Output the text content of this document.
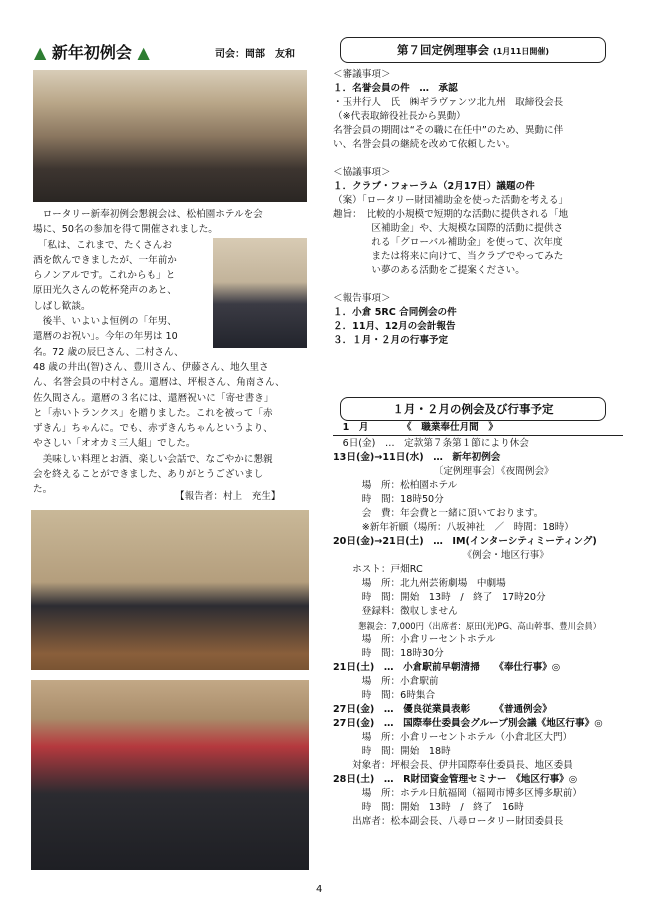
▲ 新年初例会 ▲	司会：岡部　友和
　ロータリー新奉初例会懇親会は、松柏園ホテルを会
場に、50名の参加を得て開催されました。
　「私は、これまで、たくさんお
酒を飲んできましたが、一年前か
らノンアルです。これからも」と
原田光久さんの乾杯発声のあと、
しばし歓談。
　後半、いよいよ恒例の「年男、
還暦のお祝い」。今年の年男は 10
名。72 歳の辰巳さん、二村さん、
48 歳の井出(智)さん、豊川さん、伊藤さん、地久里さ
ん、名誉会員の中村さん。還暦は、坪根さん、角南さん、
佐久間さん。還暦の３名には、還暦祝いに「寄せ書き」
と「赤いトランクス」を贈りました。これを被って「赤
ずきん」ちゃんに。でも、赤ずきんちゃんというより、
やさしい「オオカミ三人組」でした。
　美味しい料理とお酒、楽しい会話で、なごやかに懇親
会を終えることができました、ありがとうございまし
た。
【報告者：村上　充生】
第７回定例理事会 (1月11日開催)
＜審議事項＞
１．名誉会員の件　…　承認
・玉井行人　氏　㈱ギラヴァンツ北九州　取締役会長
（※代表取締役社長から異動）
名誉会員の期間は“その職に在任中”のため、異動に伴
い、名誉会員の継続を改めて依頼したい。
＜協議事項＞
１．クラブ・フォーラム（2月17日）議題の件
（案）「ロータリー財団補助金を使った活動を考える」
趣旨：　比較的小規模で短期的な活動に提供される「地
　　　　区補助金」や、大規模な国際的活動に提供さ
　　　　れる「グローバル補助金」を使って、次年度
　　　　または将来に向けて、当クラブでやってみた
　　　　い夢のある活動をご提案ください。
＜報告事項＞
１．小倉 5RC 合同例会の件
２．11月、12月の会計報告
３．１月・２月の行事予定
１月・２月の例会及び行事予定
　1　月　　　　《　職業奉仕月間　》
　6日(金)　…　定款第７条第１節により休会
13日(金)→11日(水)　…　新年初例会
　　　　　　　　　　　〔定例理事会〕《夜間例会》
　　　場　所：松柏園ホテル
　　　時　間：18時50分
　　　会　費：年会費と一緒に頂いております。
　　　※新年祈願（場所：八坂神社　／　時間：18時）
20日(金)→21日(土)　…　IM(インターシティミーティング)
　　　　　　　　　　　　　　《例会・地区行事》
　　ホスト：戸畑RC
　　　場　所：北九州芸術劇場　中劇場
　　　時　間：開始　13時　/　終了　17時20分
　　　登録料：徴収しません
　　　懇親会：7,000円（出席者：原田(光)PG、高山幹事、豊川会員）
　　　場　所：小倉リーセントホテル
　　　時　間：18時30分
21日(土)　…　小倉駅前早朝清掃　　《奉仕行事》◎
　　　場　所：小倉駅前
　　　時　間：6時集合
27日(金)　…　優良従業員表彰　　　《普通例会》
27日(金)　…　国際奉仕委員会グループ別会議《地区行事》◎
　　　場　所：小倉リーセントホテル（小倉北区大門）
　　　時　間：開始　18時
　　対象者：坪根会長、伊井国際奉仕委員長、地区委員
28日(土)　…　R財団資金管理セミナー　《地区行事》◎
　　　場　所：ホテル日航福岡（福岡市博多区博多駅前）
　　　時　間：開始　13時　/　終了　16時
　　出席者：松本副会長、八尋ロータリー財団委員長
4
